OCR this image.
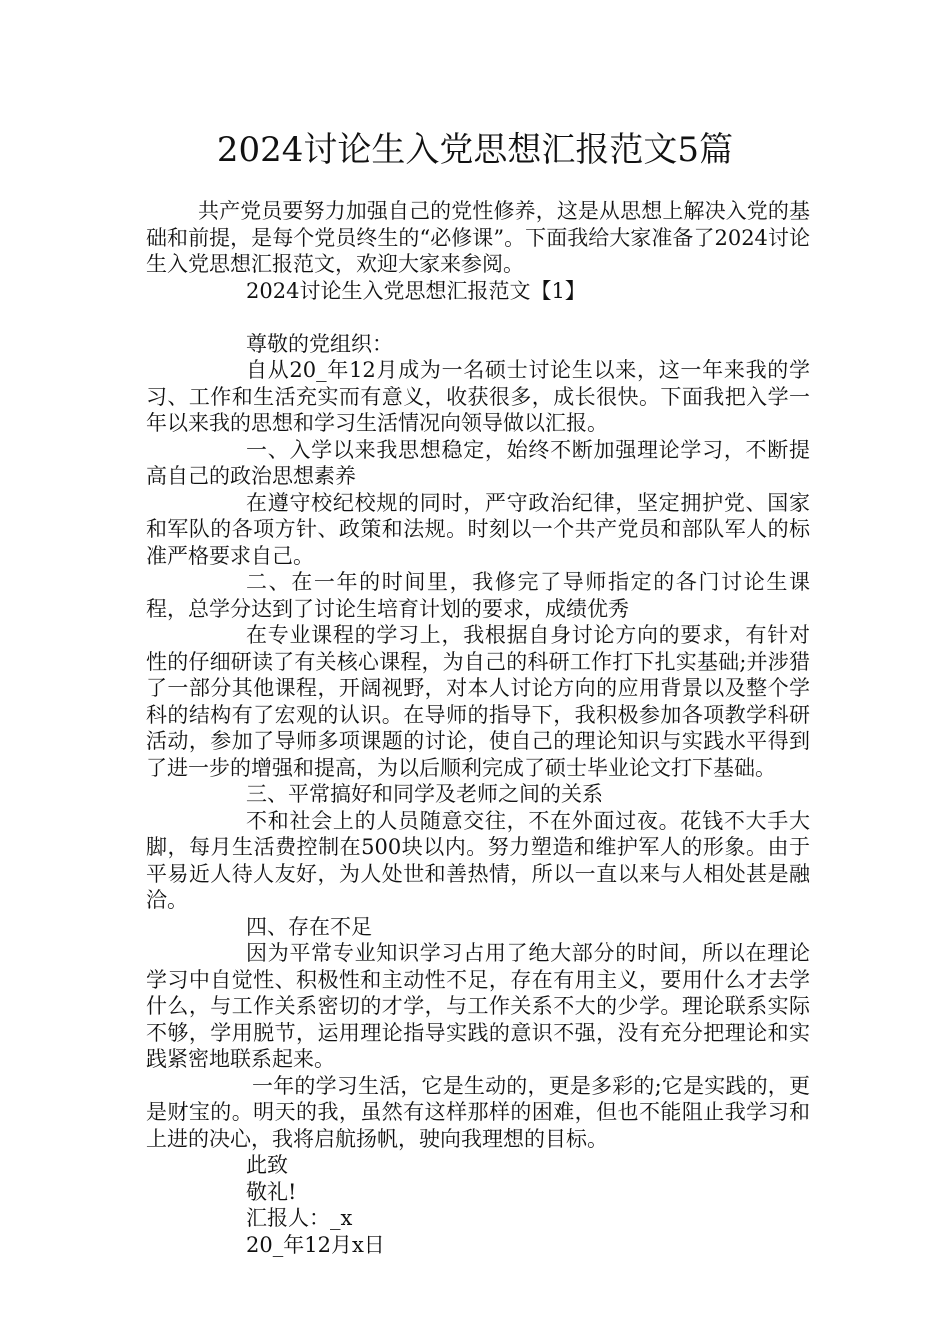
2024讨论生入党思想汇报范文5篇

共产党员要努力加强自己的党性修养，这是从思想上解决入党的基础和前提，是每个党员终生的“必修课”。下面我给大家准备了2024讨论生入党思想汇报范文，欢迎大家来参阅。

2024讨论生入党思想汇报范文【1】

尊敬的党组织：

自从20_年12月成为一名硕士讨论生以来，这一年来我的学习、工作和生活充实而有意义，收获很多，成长很快。下面我把入学一年以来我的思想和学习生活情况向领导做以汇报。

一、入学以来我思想稳定，始终不断加强理论学习，不断提高自己的政治思想素养

在遵守校纪校规的同时，严守政治纪律，坚定拥护党、国家和军队的各项方针、政策和法规。时刻以一个共产党员和部队军人的标准严格要求自己。

二、在一年的时间里，我修完了导师指定的各门讨论生课程，总学分达到了讨论生培育计划的要求，成绩优秀

在专业课程的学习上，我根据自身讨论方向的要求，有针对性的仔细研读了有关核心课程，为自己的科研工作打下扎实基础;并涉猎了一部分其他课程，开阔视野，对本人讨论方向的应用背景以及整个学科的结构有了宏观的认识。在导师的指导下，我积极参加各项教学科研活动，参加了导师多项课题的讨论，使自己的理论知识与实践水平得到了进一步的增强和提高，为以后顺利完成了硕士毕业论文打下基础。

三、平常搞好和同学及老师之间的关系

不和社会上的人员随意交往，不在外面过夜。花钱不大手大脚，每月生活费控制在500块以内。努力塑造和维护军人的形象。由于平易近人待人友好，为人处世和善热情，所以一直以来与人相处甚是融洽。

四、存在不足

因为平常专业知识学习占用了绝大部分的时间，所以在理论学习中自觉性、积极性和主动性不足，存在有用主义，要用什么才去学什么，与工作关系密切的才学，与工作关系不大的少学。理论联系实际不够，学用脱节，运用理论指导实践的意识不强，没有充分把理论和实践紧密地联系起来。

一年的学习生活，它是生动的，更是多彩的;它是实践的，更是财宝的。明天的我，虽然有这样那样的困难，但也不能阻止我学习和上进的决心，我将启航扬帆，驶向我理想的目标。

此致

敬礼!

汇报人：_x

20_年12月x日
